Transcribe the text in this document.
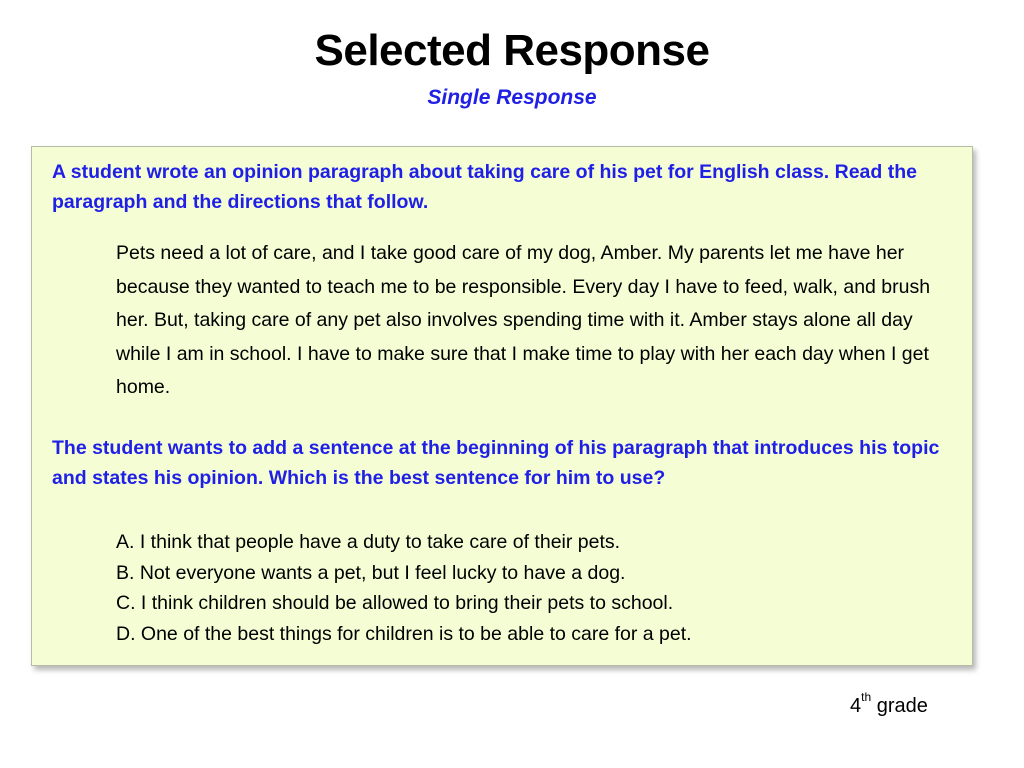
Selected Response
Single Response
A student wrote an opinion paragraph about taking care of his pet for English class. Read the paragraph and the directions that follow.
Pets need a lot of care, and I take good care of my dog, Amber. My parents let me have her because they wanted to teach me to be responsible. Every day I have to feed, walk, and brush her. But, taking care of any pet also involves spending time with it. Amber stays alone all day while I am in school. I have to make sure that I make time to play with her each day when I get home.
The student wants to add a sentence at the beginning of his paragraph that introduces his topic and states his opinion. Which is the best sentence for him to use?
A. I think that people have a duty to take care of their pets.
B. Not everyone wants a pet, but I feel lucky to have a dog.
C. I think children should be allowed to bring their pets to school.
D. One of the best things for children is to be able to care for a pet.
4th grade
